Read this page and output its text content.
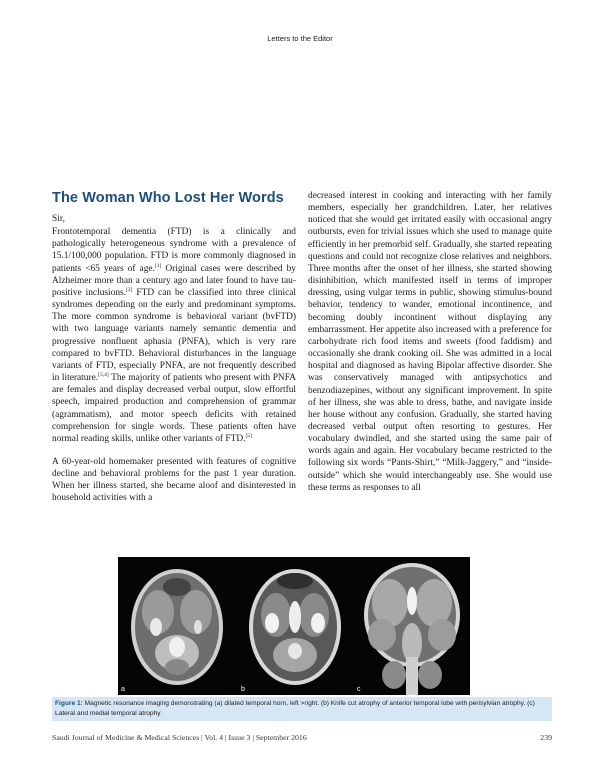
Letters to the Editor
The Woman Who Lost Her Words

Sir,

Frontotemporal dementia (FTD) is a clinically and pathologically heterogeneous syndrome with a prevalence of 15.1/100,000 population. FTD is more commonly diagnosed in patients <65 years of age.[1] Original cases were described by Alzheimer more than a century ago and later found to have tau-positive inclusions.[2] FTD can be classified into three clinical syndromes depending on the early and predominant symptoms. The more common syndrome is behavioral variant (bvFTD) with two language variants namely semantic dementia and progressive nonfluent aphasia (PNFA), which is very rare compared to bvFTD. Behavioral disturbances in the language variants of FTD, especially PNFA, are not frequently described in literature.[3,4] The majority of patients who present with PNFA are females and display decreased verbal output, slow effortful speech, impaired production and comprehension of grammar (agrammatism), and motor speech deficits with retained comprehension for single words. These patients often have normal reading skills, unlike other variants of FTD.[5]

A 60-year-old homemaker presented with features of cognitive decline and behavioral problems for the past 1 year duration. When her illness started, she became aloof and disinterested in household activities with a

decreased interest in cooking and interacting with her family members, especially her grandchildren. Later, her relatives noticed that she would get irritated easily with occasional angry outbursts, even for trivial issues which she used to manage quite efficiently in her premorbid self. Gradually, she started repeating questions and could not recognize close relatives and neighbors. Three months after the onset of her illness, she started showing disinhibition, which manifested itself in terms of improper dressing, using vulgar terms in public, showing stimulus-bound behavior, tendency to wander, emotional incontinence, and becoming doubly incontinent without displaying any embarrassment. Her appetite also increased with a preference for carbohydrate rich food items and sweets (food faddism) and occasionally she drank cooking oil. She was admitted in a local hospital and diagnosed as having Bipolar affective disorder. She was conservatively managed with antipsychotics and benzodiazepines, without any significant improvement. In spite of her illness, she was able to dress, bathe, and navigate inside her house without any confusion. Gradually, she started having decreased verbal output often resorting to gestures. Her vocabulary dwindled, and she started using the same pair of words again and again. Her vocabulary became restricted to the following six words “Pants-Shirt,” “Milk-Jaggery,” and “inside-outside” which she would interchangeably use. She would use these terms as responses to all

a	b	c
Figure 1: Magnetic resonance imaging demonstrating (a) dilated temporal horn, left >right. (b) Knife cut atrophy of anterior temporal lobe with perisylvian atrophy. (c) Lateral and medial temporal atrophy
Saudi Journal of Medicine & Medical Sciences | Vol. 4 | Issue 3 | September 2016	239
